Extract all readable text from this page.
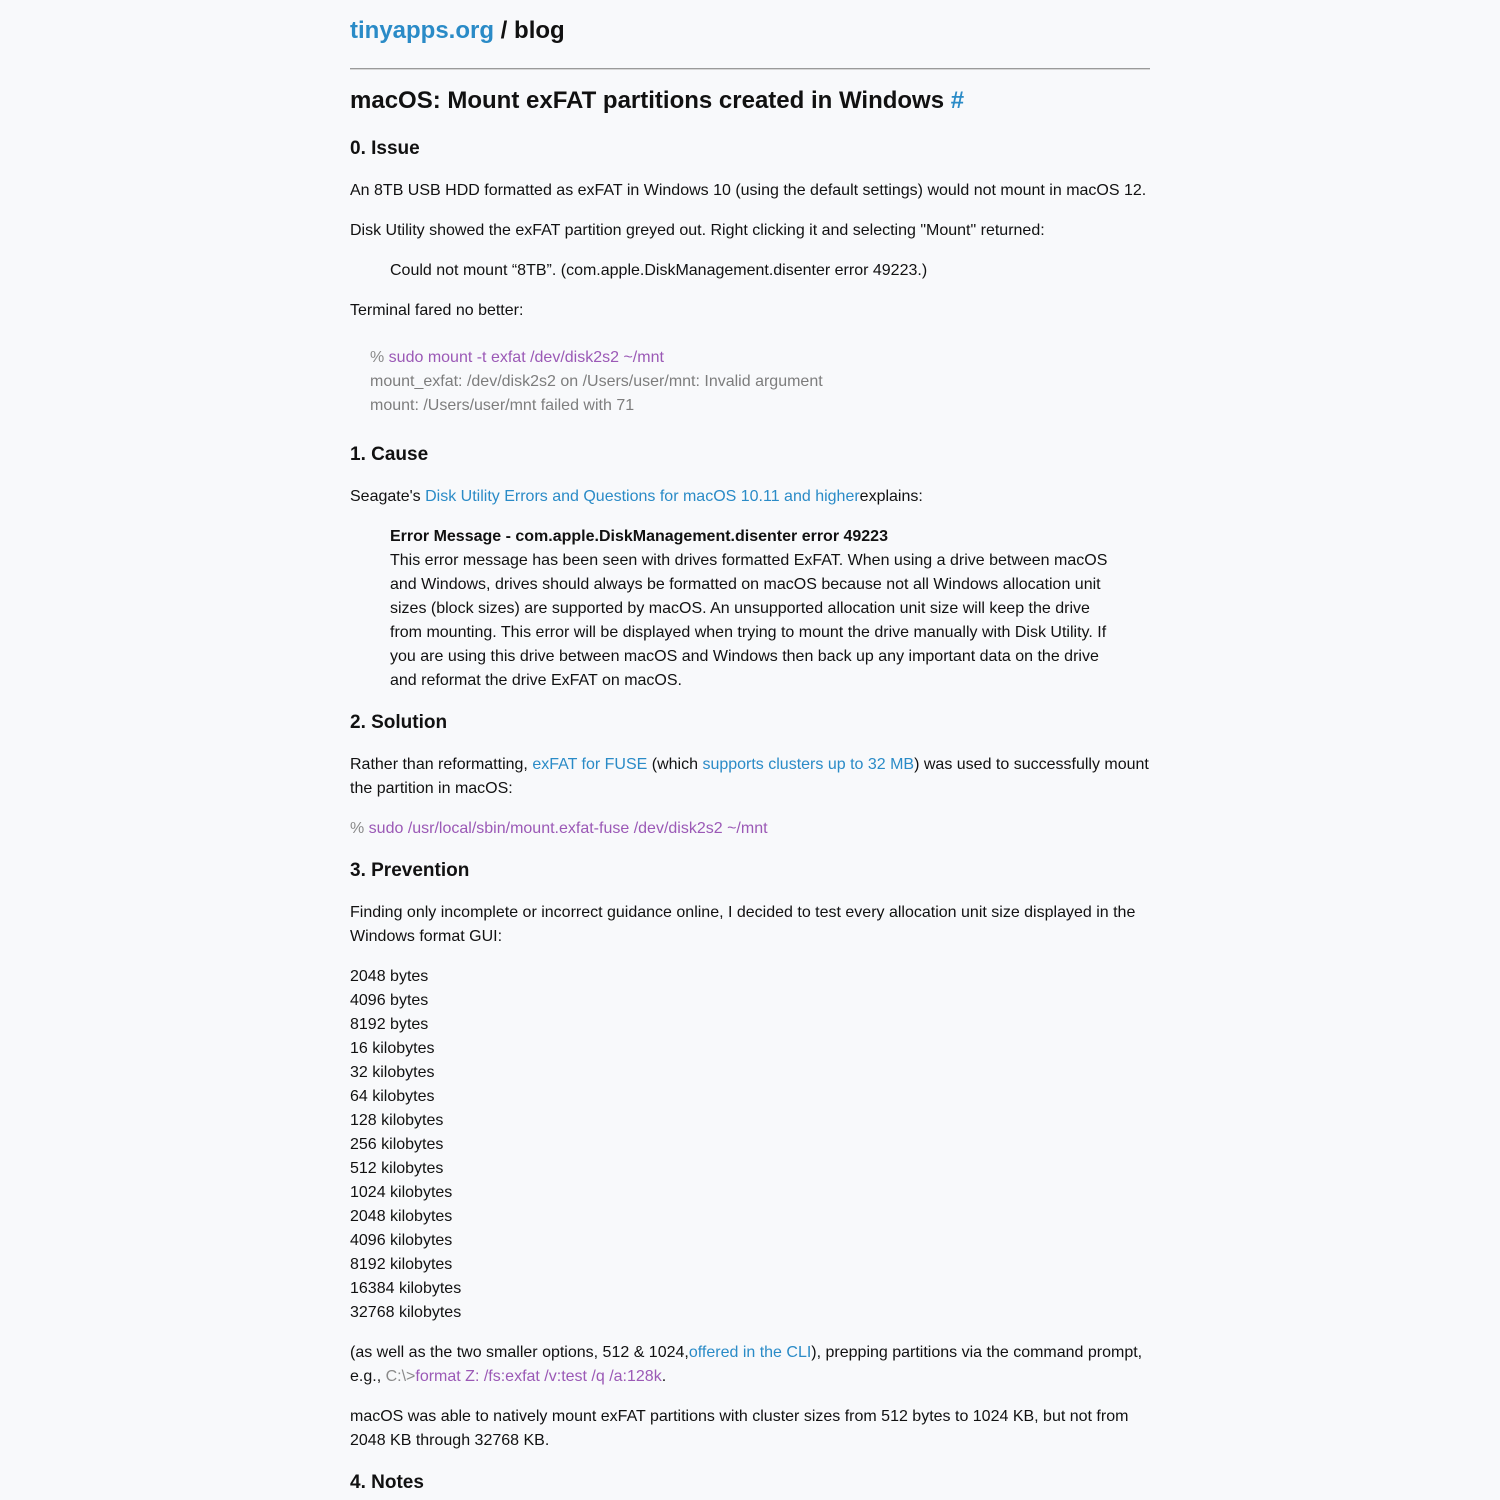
tinyapps.org / blog
macOS: Mount exFAT partitions created in Windows #
0. Issue

An 8TB USB HDD formatted as exFAT in Windows 10 (using the default settings) would not mount in macOS 12.

Disk Utility showed the exFAT partition greyed out. Right clicking it and selecting "Mount" returned:

Could not mount “8TB”. (com.apple.DiskManagement.disenter error 49223.)

Terminal fared no better:

% sudo mount -t exfat /dev/disk2s2 ~/mnt
mount_exfat: /dev/disk2s2 on /Users/user/mnt: Invalid argument
mount: /Users/user/mnt failed with 71
1. Cause

Seagate's Disk Utility Errors and Questions for macOS 10.11 and higherexplains:

Error Message - com.apple.DiskManagement.disenter error 49223
This error message has been seen with drives formatted ExFAT. When using a drive between macOS and Windows, drives should always be formatted on macOS because not all Windows allocation unit sizes (block sizes) are supported by macOS. An unsupported allocation unit size will keep the drive from mounting. This error will be displayed when trying to mount the drive manually with Disk Utility. If you are using this drive between macOS and Windows then back up any important data on the drive and reformat the drive ExFAT on macOS.
2. Solution

Rather than reformatting, exFAT for FUSE (which supports clusters up to 32 MB) was used to successfully mount the partition in macOS:

% sudo /usr/local/sbin/mount.exfat-fuse /dev/disk2s2 ~/mnt

3. Prevention

Finding only incomplete or incorrect guidance online, I decided to test every allocation unit size displayed in the Windows format GUI:

2048 bytes
4096 bytes
8192 bytes
16 kilobytes
32 kilobytes
64 kilobytes
128 kilobytes
256 kilobytes
512 kilobytes
1024 kilobytes
2048 kilobytes
4096 kilobytes
8192 kilobytes
16384 kilobytes
32768 kilobytes

(as well as the two smaller options, 512 & 1024,offered in the CLI), prepping partitions via the command prompt, e.g., C:\>format Z: /fs:exfat /v:test /q /a:128k.

macOS was able to natively mount exFAT partitions with cluster sizes from 512 bytes to 1024 KB, but not from 2048 KB through 32768 KB.

4. Notes
